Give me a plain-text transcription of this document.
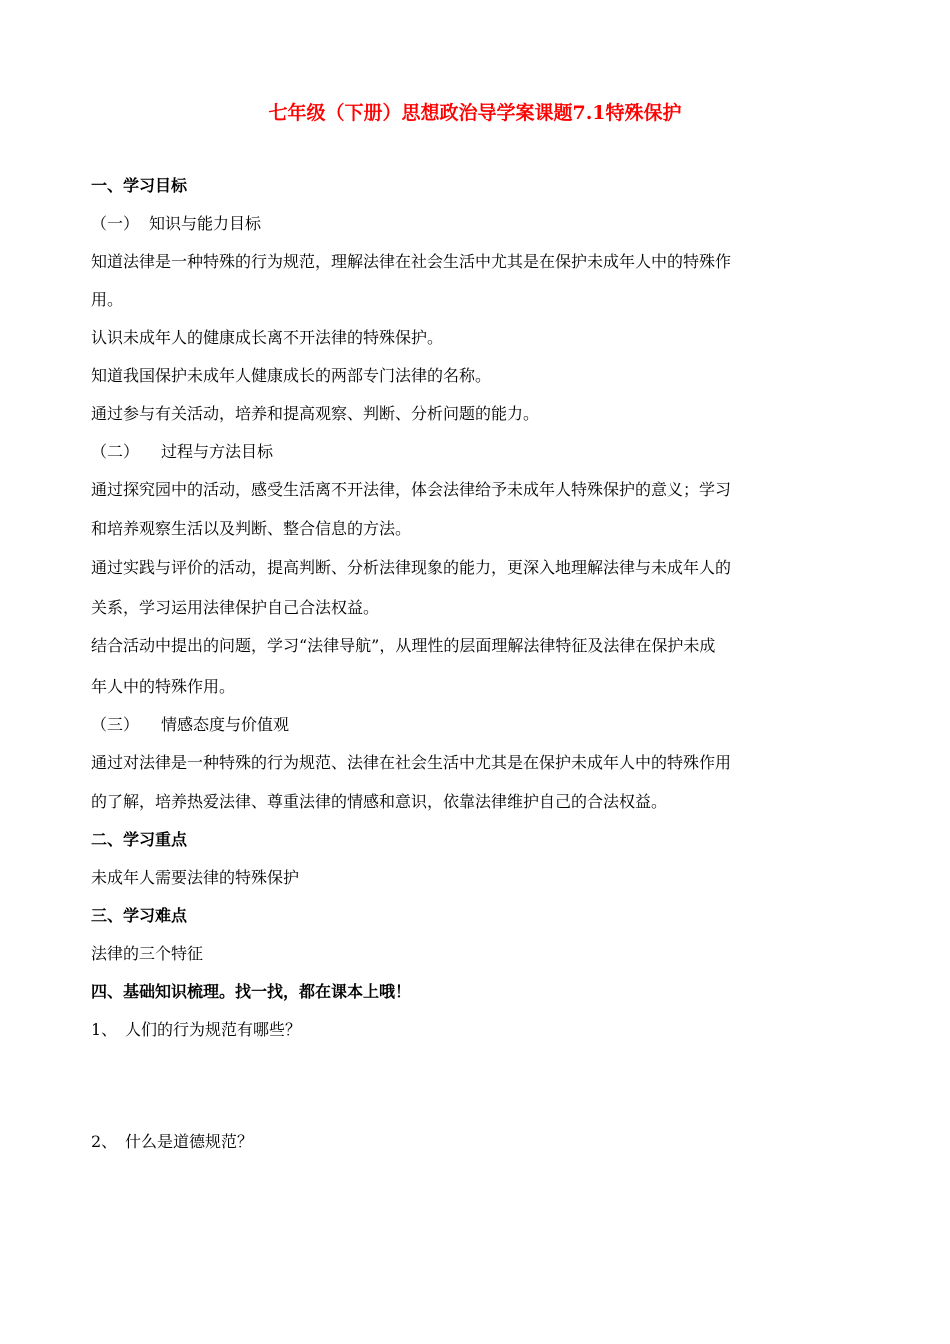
七年级（下册）思想政治导学案课题7.1特殊保护
一、学习目标
（一） 知识与能力目标
知道法律是一种特殊的行为规范，理解法律在社会生活中尤其是在保护未成年人中的特殊作
用。
认识未成年人的健康成长离不开法律的特殊保护。
知道我国保护未成年人健康成长的两部专门法律的名称。
通过参与有关活动，培养和提高观察、判断、分析问题的能力。
（二） 过程与方法目标
通过探究园中的活动，感受生活离不开法律，体会法律给予未成年人特殊保护的意义；学习
和培养观察生活以及判断、整合信息的方法。
通过实践与评价的活动，提高判断、分析法律现象的能力，更深入地理解法律与未成年人的
关系，学习运用法律保护自己合法权益。
结合活动中提出的问题，学习“法律导航”，从理性的层面理解法律特征及法律在保护未成
年人中的特殊作用。
（三） 情感态度与价值观
通过对法律是一种特殊的行为规范、法律在社会生活中尤其是在保护未成年人中的特殊作用
的了解，培养热爱法律、尊重法律的情感和意识，依靠法律维护自己的合法权益。
二、学习重点
未成年人需要法律的特殊保护
三、学习难点
法律的三个特征
四、基础知识梳理。找一找，都在课本上哦！
1、 人们的行为规范有哪些？
2、 什么是道德规范？
